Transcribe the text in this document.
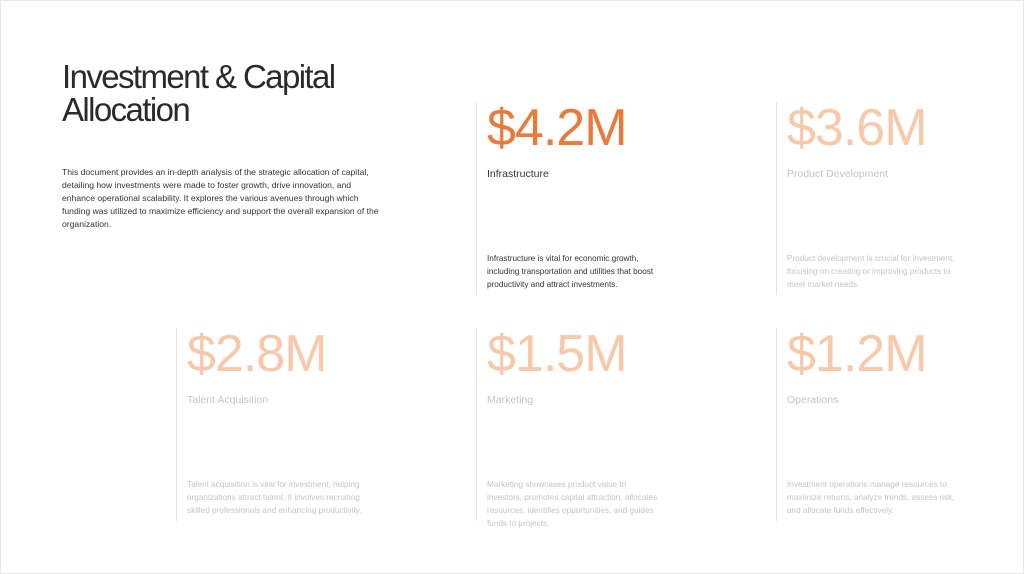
Investment & Capital Allocation
This document provides an in-depth analysis of the strategic allocation of capital, detailing how investments were made to foster growth, drive innovation, and enhance operational scalability. It explores the various avenues through which funding was utilized to maximize efficiency and support the overall expansion of the organization.
$4.2M
Infrastructure
Infrastructure is vital for economic growth, including transportation and utilities that boost productivity and attract investments.
$3.6M
Product Development
Product development is crucial for investment, focusing on creating or improving products to meet market needs.
$2.8M
Talent Acquisition
Talent acquisition is vital for investment, helping organizations attract talent. It involves recruiting skilled professionals and enhancing productivity.
$1.5M
Marketing
Marketing showcases product value to investors, promotes capital attraction, allocates resources, identifies opportunities, and guides funds to projects.
$1.2M
Operations
Investment operations manage resources to maximize returns, analyze trends, assess risk, and allocate funds effectively.
